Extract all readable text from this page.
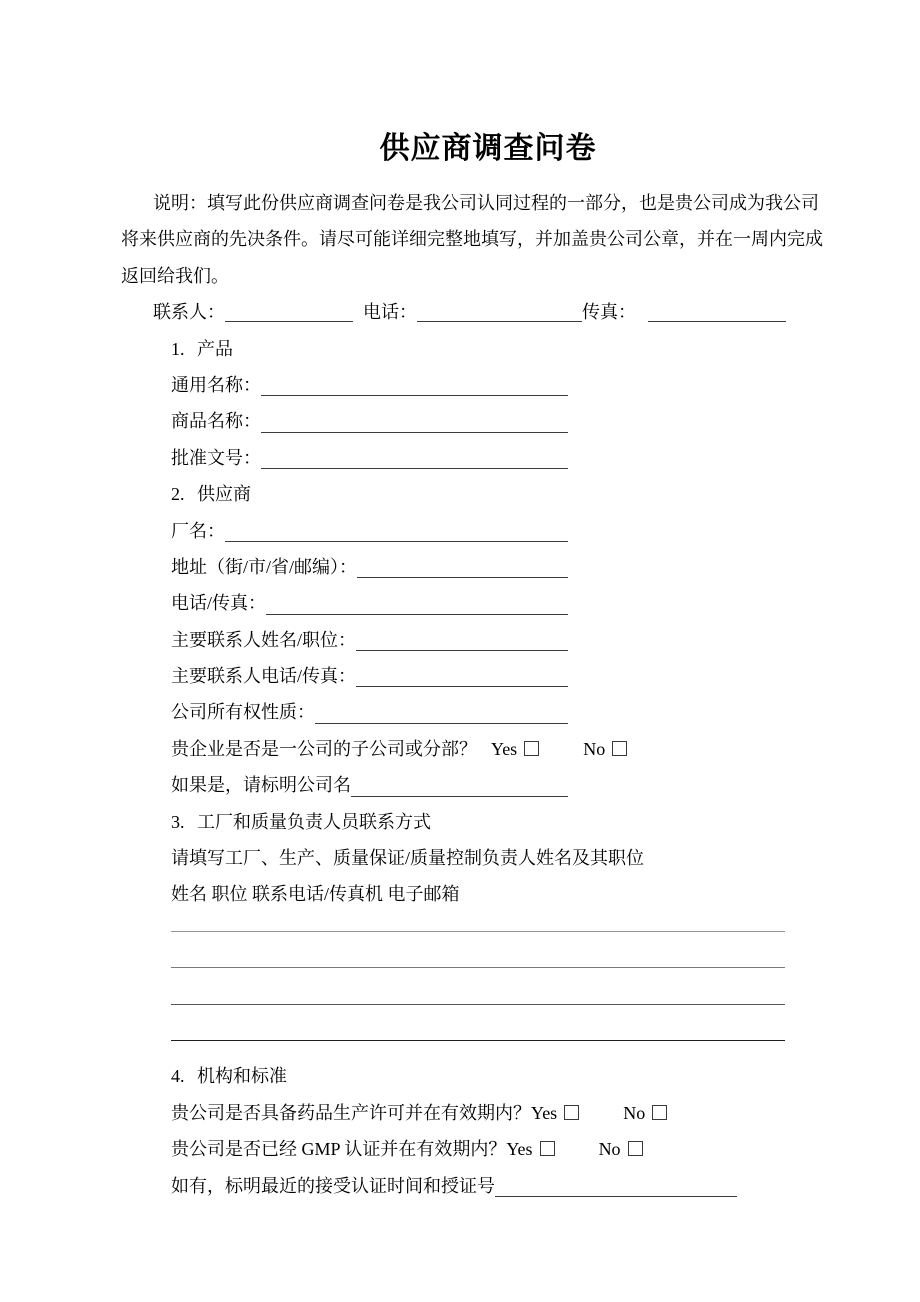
供应商调查问卷
说明：填写此份供应商调查问卷是我公司认同过程的一部分，也是贵公司成为我公司
将来供应商的先决条件。请尽可能详细完整地填写，并加盖贵公司公章，并在一周内完成
返回给我们。
联系人：	电话：	传真：
1. 产品
通用名称：
商品名称：
批准文号：
2. 供应商
厂名：
地址（街/市/省/邮编）：
电话/传真：
主要联系人姓名/职位：
主要联系人电话/传真：
公司所有权性质：
贵企业是否是一公司的子公司或分部？ Yes	No
如果是，请标明公司名
3. 工厂和质量负责人员联系方式
请填写工厂、生产、质量保证/质量控制负责人姓名及其职位
姓名 职位 联系电话/传真机 电子邮箱
4. 机构和标准
贵公司是否具备药品生产许可并在有效期内？Yes	No
贵公司是否已经 GMP 认证并在有效期内？Yes	No
如有，标明最近的接受认证时间和授证号
